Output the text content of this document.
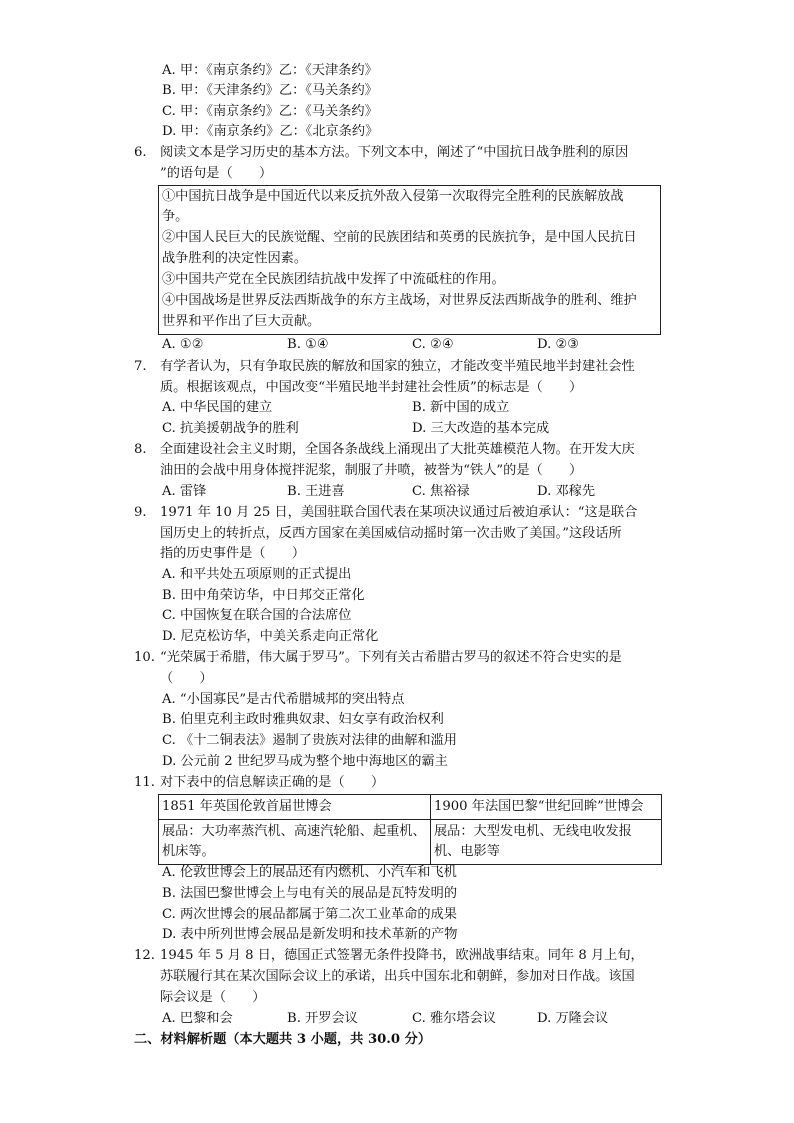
A. 甲：《南京条约》乙：《天津条约》
B. 甲：《天津条约》乙：《马关条约》
C. 甲：《南京条约》乙：《马关条约》
D. 甲：《南京条约》乙：《北京条约》
6. 阅读文本是学习历史的基本方法。下列文本中，阐述了“中国抗日战争胜利的原因
”的语句是（　　）
①中国抗日战争是中国近代以来反抗外敌入侵第一次取得完全胜利的民族解放战
争。
②中国人民巨大的民族觉醒、空前的民族团结和英勇的民族抗争，是中国人民抗日
战争胜利的决定性因素。
③中国共产党在全民族团结抗战中发挥了中流砥柱的作用。
④中国战场是世界反法西斯战争的东方主战场，对世界反法西斯战争的胜利、维护
世界和平作出了巨大贡献。
A. ①②	B. ①④	C. ②④	D. ②③
7. 有学者认为，只有争取民族的解放和国家的独立，才能改变半殖民地半封建社会性
质。根据该观点，中国改变“半殖民地半封建社会性质”的标志是（　　）
A. 中华民国的建立	B. 新中国的成立
C. 抗美援朝战争的胜利	D. 三大改造的基本完成
8. 全面建设社会主义时期，全国各条战线上涌现出了大批英雄模范人物。在开发大庆
油田的会战中用身体搅拌泥浆，制服了井喷，被誉为“铁人”的是（　　）
A. 雷锋	B. 王进喜	C. 焦裕禄	D. 邓稼先
9. 1971 年 10 月 25 日，美国驻联合国代表在某项决议通过后被迫承认：“这是联合
国历史上的转折点，反西方国家在美国威信动摇时第一次击败了美国。”这段话所
指的历史事件是（　　）
A. 和平共处五项原则的正式提出
B. 田中角荣访华，中日邦交正常化
C. 中国恢复在联合国的合法席位
D. 尼克松访华，中美关系走向正常化
10. “光荣属于希腊，伟大属于罗马”。下列有关古希腊古罗马的叙述不符合史实的是
（　　）
A. “小国寡民”是古代希腊城邦的突出特点
B. 伯里克利主政时雅典奴隶、妇女享有政治权利
C. 《十二铜表法》遏制了贵族对法律的曲解和滥用
D. 公元前 2 世纪罗马成为整个地中海地区的霸主
11. 对下表中的信息解读正确的是（　　）
1851 年英国伦敦首届世博会	1900 年法国巴黎“世纪回眸”世博会
展品：大功率蒸汽机、高速汽轮船、起重机、机床等。	展品：大型发电机、无线电收发报机、电影等
A. 伦敦世博会上的展品还有内燃机、小汽车和飞机
B. 法国巴黎世博会上与电有关的展品是瓦特发明的
C. 两次世博会的展品都属于第二次工业革命的成果
D. 表中所列世博会展品是新发明和技术革新的产物
12. 1945 年 5 月 8 日，德国正式签署无条件投降书，欧洲战事结束。同年 8 月上旬，
苏联履行其在某次国际会议上的承诺，出兵中国东北和朝鲜，参加对日作战。该国
际会议是（　　）
A. 巴黎和会	B. 开罗会议	C. 雅尔塔会议	D. 万隆会议
二、材料解析题（本大题共 3 小题，共 30.0 分）
